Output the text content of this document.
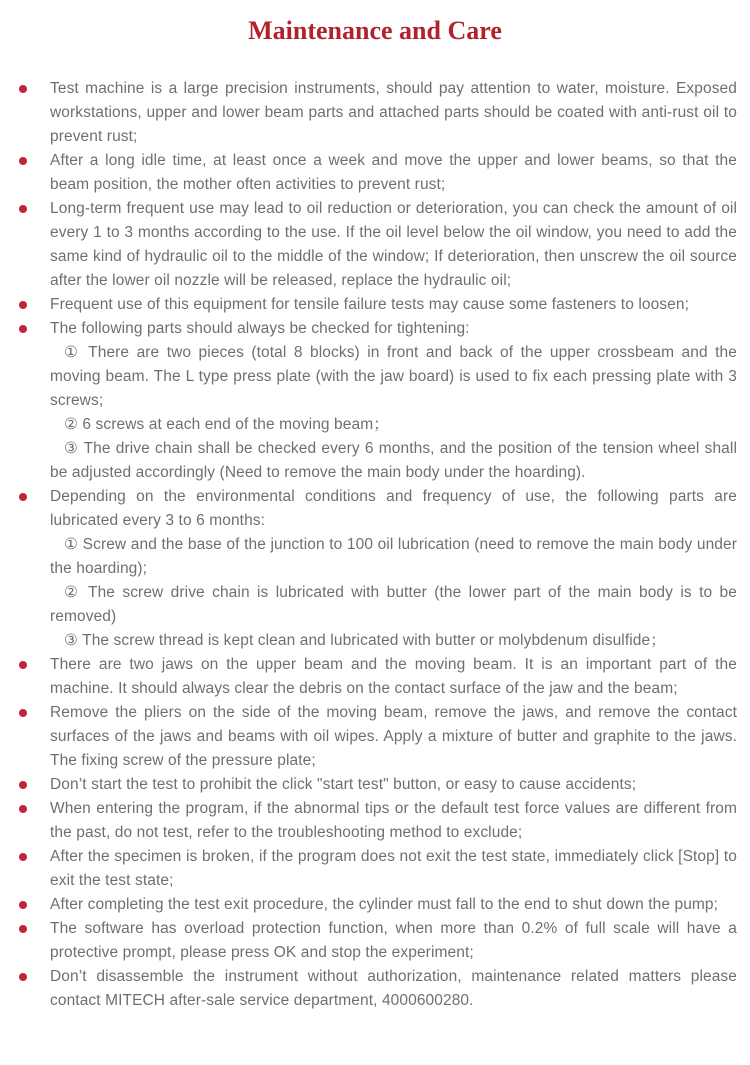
Maintenance and Care
Test machine is a large precision instruments, should pay attention to water, moisture. Exposed workstations, upper and lower beam parts and attached parts should be coated with anti-rust oil to prevent rust;
After a long idle time, at least once a week and move the upper and lower beams, so that the beam position, the mother often activities to prevent rust;
Long-term frequent use may lead to oil reduction or deterioration, you can check the amount of oil every 1 to 3 months according to the use. If the oil level below the oil window, you need to add the same kind of hydraulic oil to the middle of the window; If deterioration, then unscrew the oil source after the lower oil nozzle will be released, replace the hydraulic oil;
Frequent use of this equipment for tensile failure tests may cause some fasteners to loosen;
The following parts should always be checked for tightening:
① There are two pieces (total 8 blocks) in front and back of the upper crossbeam and the moving beam. The L type press plate (with the jaw board) is used to fix each pressing plate with 3 screws;
② 6 screws at each end of the moving beam；
③ The drive chain shall be checked every 6 months, and the position of the tension wheel shall be adjusted accordingly (Need to remove the main body under the hoarding).
Depending on the environmental conditions and frequency of use, the following parts are lubricated every 3 to 6 months:
① Screw and the base of the junction to 100 oil lubrication (need to remove the main body under the hoarding);
② The screw drive chain is lubricated with butter (the lower part of the main body is to be removed)
③ The screw thread is kept clean and lubricated with butter or molybdenum disulfide；
There are two jaws on the upper beam and the moving beam. It is an important part of the machine. It should always clear the debris on the contact surface of the jaw and the beam;
Remove the pliers on the side of the moving beam, remove the jaws, and remove the contact surfaces of the jaws and beams with oil wipes. Apply a mixture of butter and graphite to the jaws. The fixing screw of the pressure plate;
Don’t start the test to prohibit the click "start test" button, or easy to cause accidents;
When entering the program, if the abnormal tips or the default test force values are different from the past, do not test, refer to the troubleshooting method to exclude;
After the specimen is broken, if the program does not exit the test state, immediately click [Stop] to exit the test state;
After completing the test exit procedure, the cylinder must fall to the end to shut down the pump;
The software has overload protection function, when more than 0.2% of full scale will have a protective prompt, please press OK and stop the experiment;
Don’t disassemble the instrument without authorization, maintenance related matters please contact MITECH after-sale service department, 4000600280.
